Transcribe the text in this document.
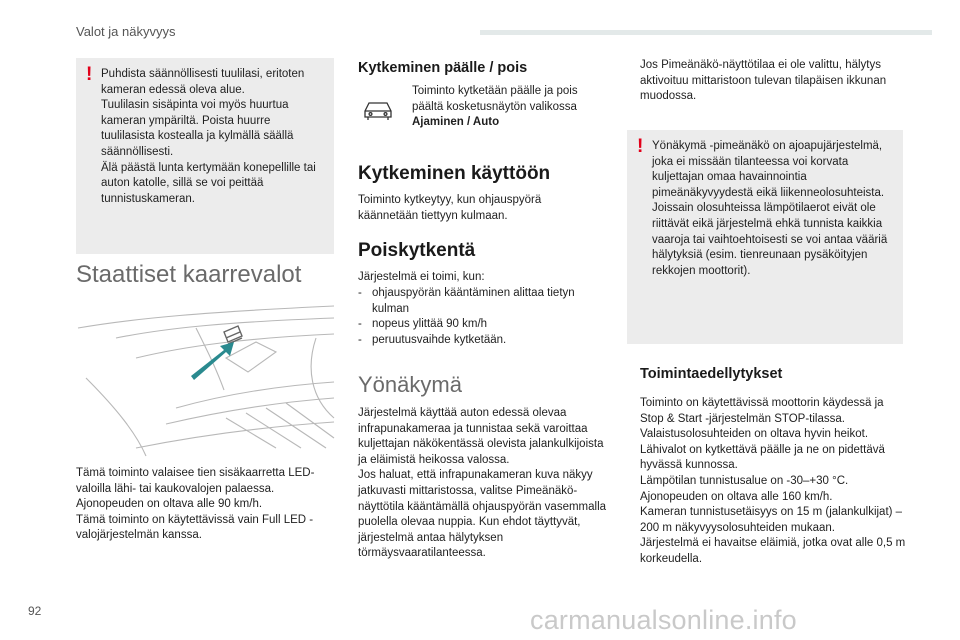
Valot ja näkyvyys
! Puhdista säännöllisesti tuulilasi, eritoten kameran edessä oleva alue.
Tuulilasin sisäpinta voi myös huurtua kameran ympäriltä. Poista huurre tuulilasista kostealla ja kylmällä säällä säännöllisesti.
Älä päästä lunta kertymään konepellille tai auton katolle, sillä se voi peittää tunnistuskameran.
Staattiset kaarrevalot
Tämä toiminto valaisee tien sisäkaarretta LED-valoilla lähi- tai kaukovalojen palaessa.
Ajonopeuden on oltava alle 90 km/h.
Tämä toiminto on käytettävissä vain Full LED -valojärjestelmän kanssa.
Kytkeminen päälle / pois
Toiminto kytketään päälle ja pois päältä kosketusnäytön valikossa Ajaminen / Auto
Kytkeminen käyttöön
Toiminto kytkeytyy, kun ohjauspyörä käännetään tiettyyn kulmaan.
Poiskytkentä
Järjestelmä ei toimi, kun:
- ohjauspyörän kääntäminen alittaa tietyn kulman
- nopeus ylittää 90 km/h
- peruutusvaihde kytketään.
Yönäkymä
Järjestelmä käyttää auton edessä olevaa infrapunakameraa ja tunnistaa sekä varoittaa kuljettajan näkökentässä olevista jalankulkijoista ja eläimistä heikossa valossa.
Jos haluat, että infrapunakameran kuva näkyy jatkuvasti mittaristossa, valitse Pimeänäkö-näyttötila kääntämällä ohjauspyörän vasemmalla puolella olevaa nuppia. Kun ehdot täyttyvät, järjestelmä antaa hälytyksen törmäysvaaratilanteessa.
Jos Pimeänäkö-näyttötilaa ei ole valittu, hälytys aktivoituu mittaristoon tulevan tilapäisen ikkunan muodossa.
! Yönäkymä -pimeänäkö on ajoapujärjestelmä, joka ei missään tilanteessa voi korvata kuljettajan omaa havainnointia pimeänäkyvyydestä eikä liikenneolosuhteista.
Joissain olosuhteissa lämpötilaerot eivät ole riittävät eikä järjestelmä ehkä tunnista kaikkia vaaroja tai vaihtoehtoisesti se voi antaa vääriä hälytyksiä (esim. tienreunaan pysäköityjen rekkojen moottorit).
Toimintaedellytykset
Toiminto on käytettävissä moottorin käydessä ja Stop & Start -järjestelmän STOP-tilassa.
Valaistusolosuhteiden on oltava hyvin heikot.
Lähivalot on kytkettävä päälle ja ne on pidettävä hyvässä kunnossa.
Lämpötilan tunnistusalue on -30–+30 °C.
Ajonopeuden on oltava alle 160 km/h.
Kameran tunnistusetäisyys on 15 m (jalankulkijat) – 200 m näkyvyysolosuhteiden mukaan.
Järjestelmä ei havaitse eläimiä, jotka ovat alle 0,5 m korkeudella.
92	carmanualsonline.info
